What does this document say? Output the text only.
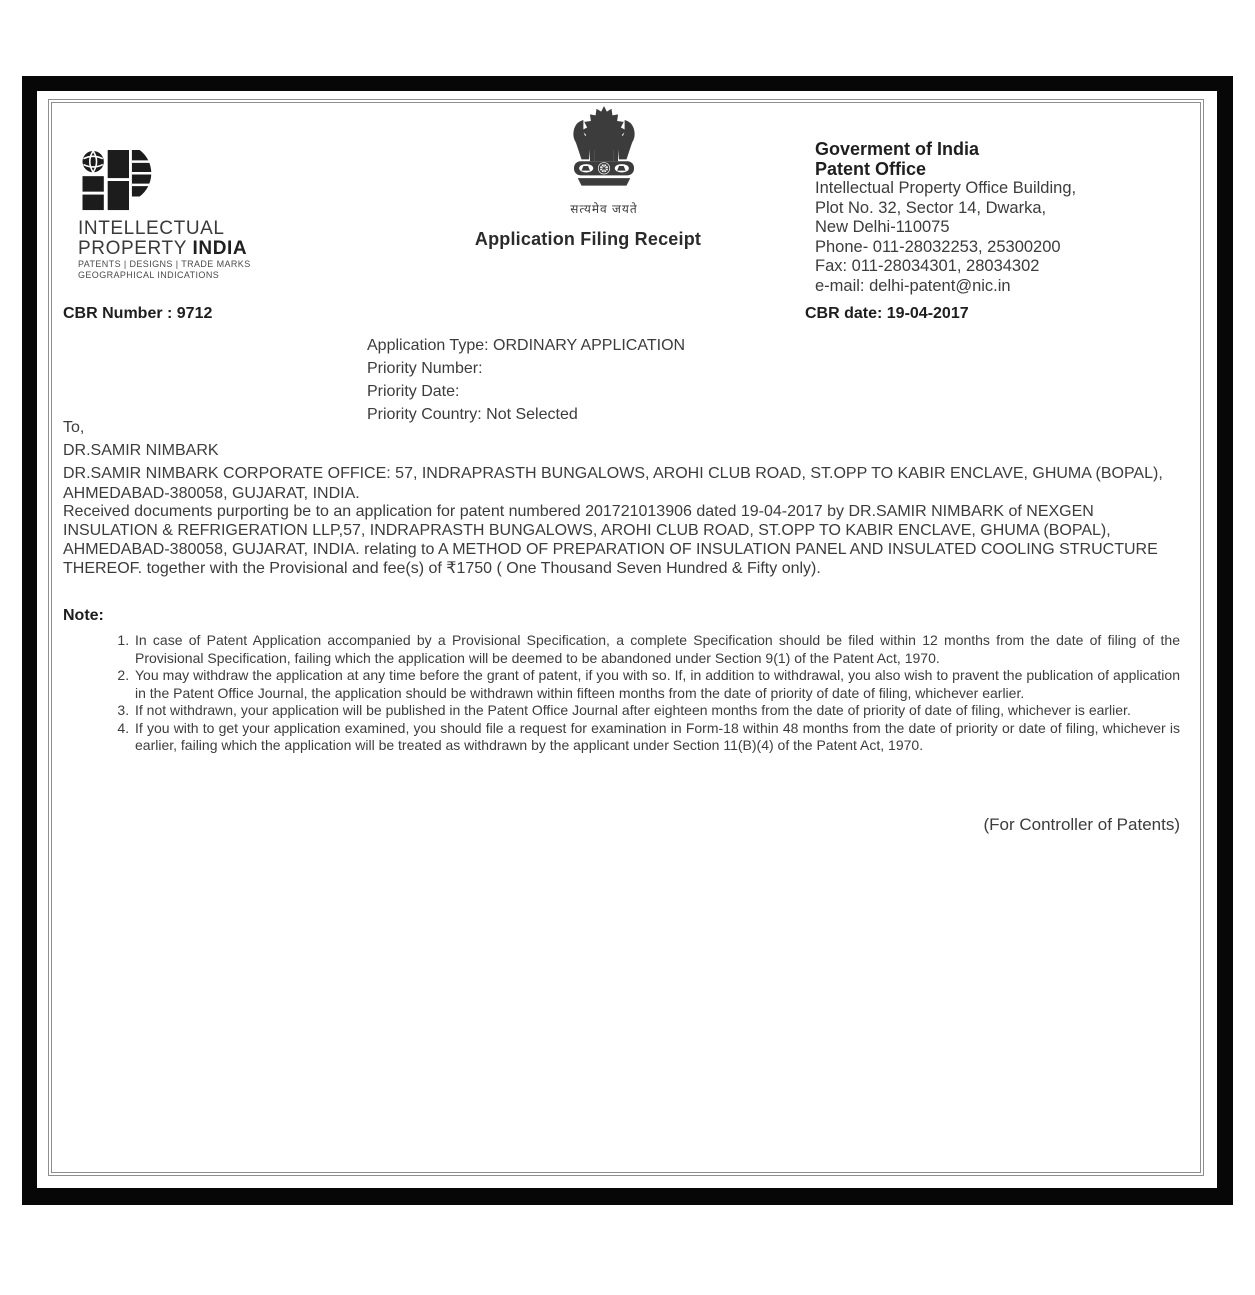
INTELLECTUAL
PROPERTY INDIA
PATENTS | DESIGNS | TRADE MARKS
GEOGRAPHICAL INDICATIONS
सत्यमेव जयते
Application Filing Receipt
Goverment of India
Patent Office
Intellectual Property Office Building,
Plot No. 32, Sector 14, Dwarka,
New Delhi-110075
Phone- 011-28032253, 25300200
Fax: 011-28034301, 28034302
e-mail: delhi-patent@nic.in
CBR Number : 9712	CBR date: 19-04-2017
Application Type: ORDINARY APPLICATION
Priority Number:
Priority Date:
Priority Country: Not Selected
To,
DR.SAMIR NIMBARK
DR.SAMIR NIMBARK CORPORATE OFFICE: 57, INDRAPRASTH BUNGALOWS, AROHI CLUB ROAD, ST.OPP TO KABIR ENCLAVE, GHUMA (BOPAL), AHMEDABAD-380058, GUJARAT, INDIA.
Received documents purporting be to an application for patent numbered 201721013906 dated 19-04-2017 by DR.SAMIR NIMBARK of NEXGEN INSULATION & REFRIGERATION LLP,57, INDRAPRASTH BUNGALOWS, AROHI CLUB ROAD, ST.OPP TO KABIR ENCLAVE, GHUMA (BOPAL), AHMEDABAD-380058, GUJARAT, INDIA. relating to A METHOD OF PREPARATION OF INSULATION PANEL AND INSULATED COOLING STRUCTURE THEREOF. together with the Provisional and fee(s) of ₹1750 ( One Thousand Seven Hundred & Fifty only).
Note:
1. In case of Patent Application accompanied by a Provisional Specification, a complete Specification should be filed within 12 months from the date of filing of the Provisional Specification, failing which the application will be deemed to be abandoned under Section 9(1) of the Patent Act, 1970.
2. You may withdraw the application at any time before the grant of patent, if you with so. If, in addition to withdrawal, you also wish to pravent the publication of application in the Patent Office Journal, the application should be withdrawn within fifteen months from the date of priority of date of filing, whichever earlier.
3. If not withdrawn, your application will be published in the Patent Office Journal after eighteen months from the date of priority of date of filing, whichever is earlier.
4. If you with to get your application examined, you should file a request for examination in Form-18 within 48 months from the date of priority or date of filing, whichever is earlier, failing which the application will be treated as withdrawn by the applicant under Section 11(B)(4) of the Patent Act, 1970.
(For Controller of Patents)
